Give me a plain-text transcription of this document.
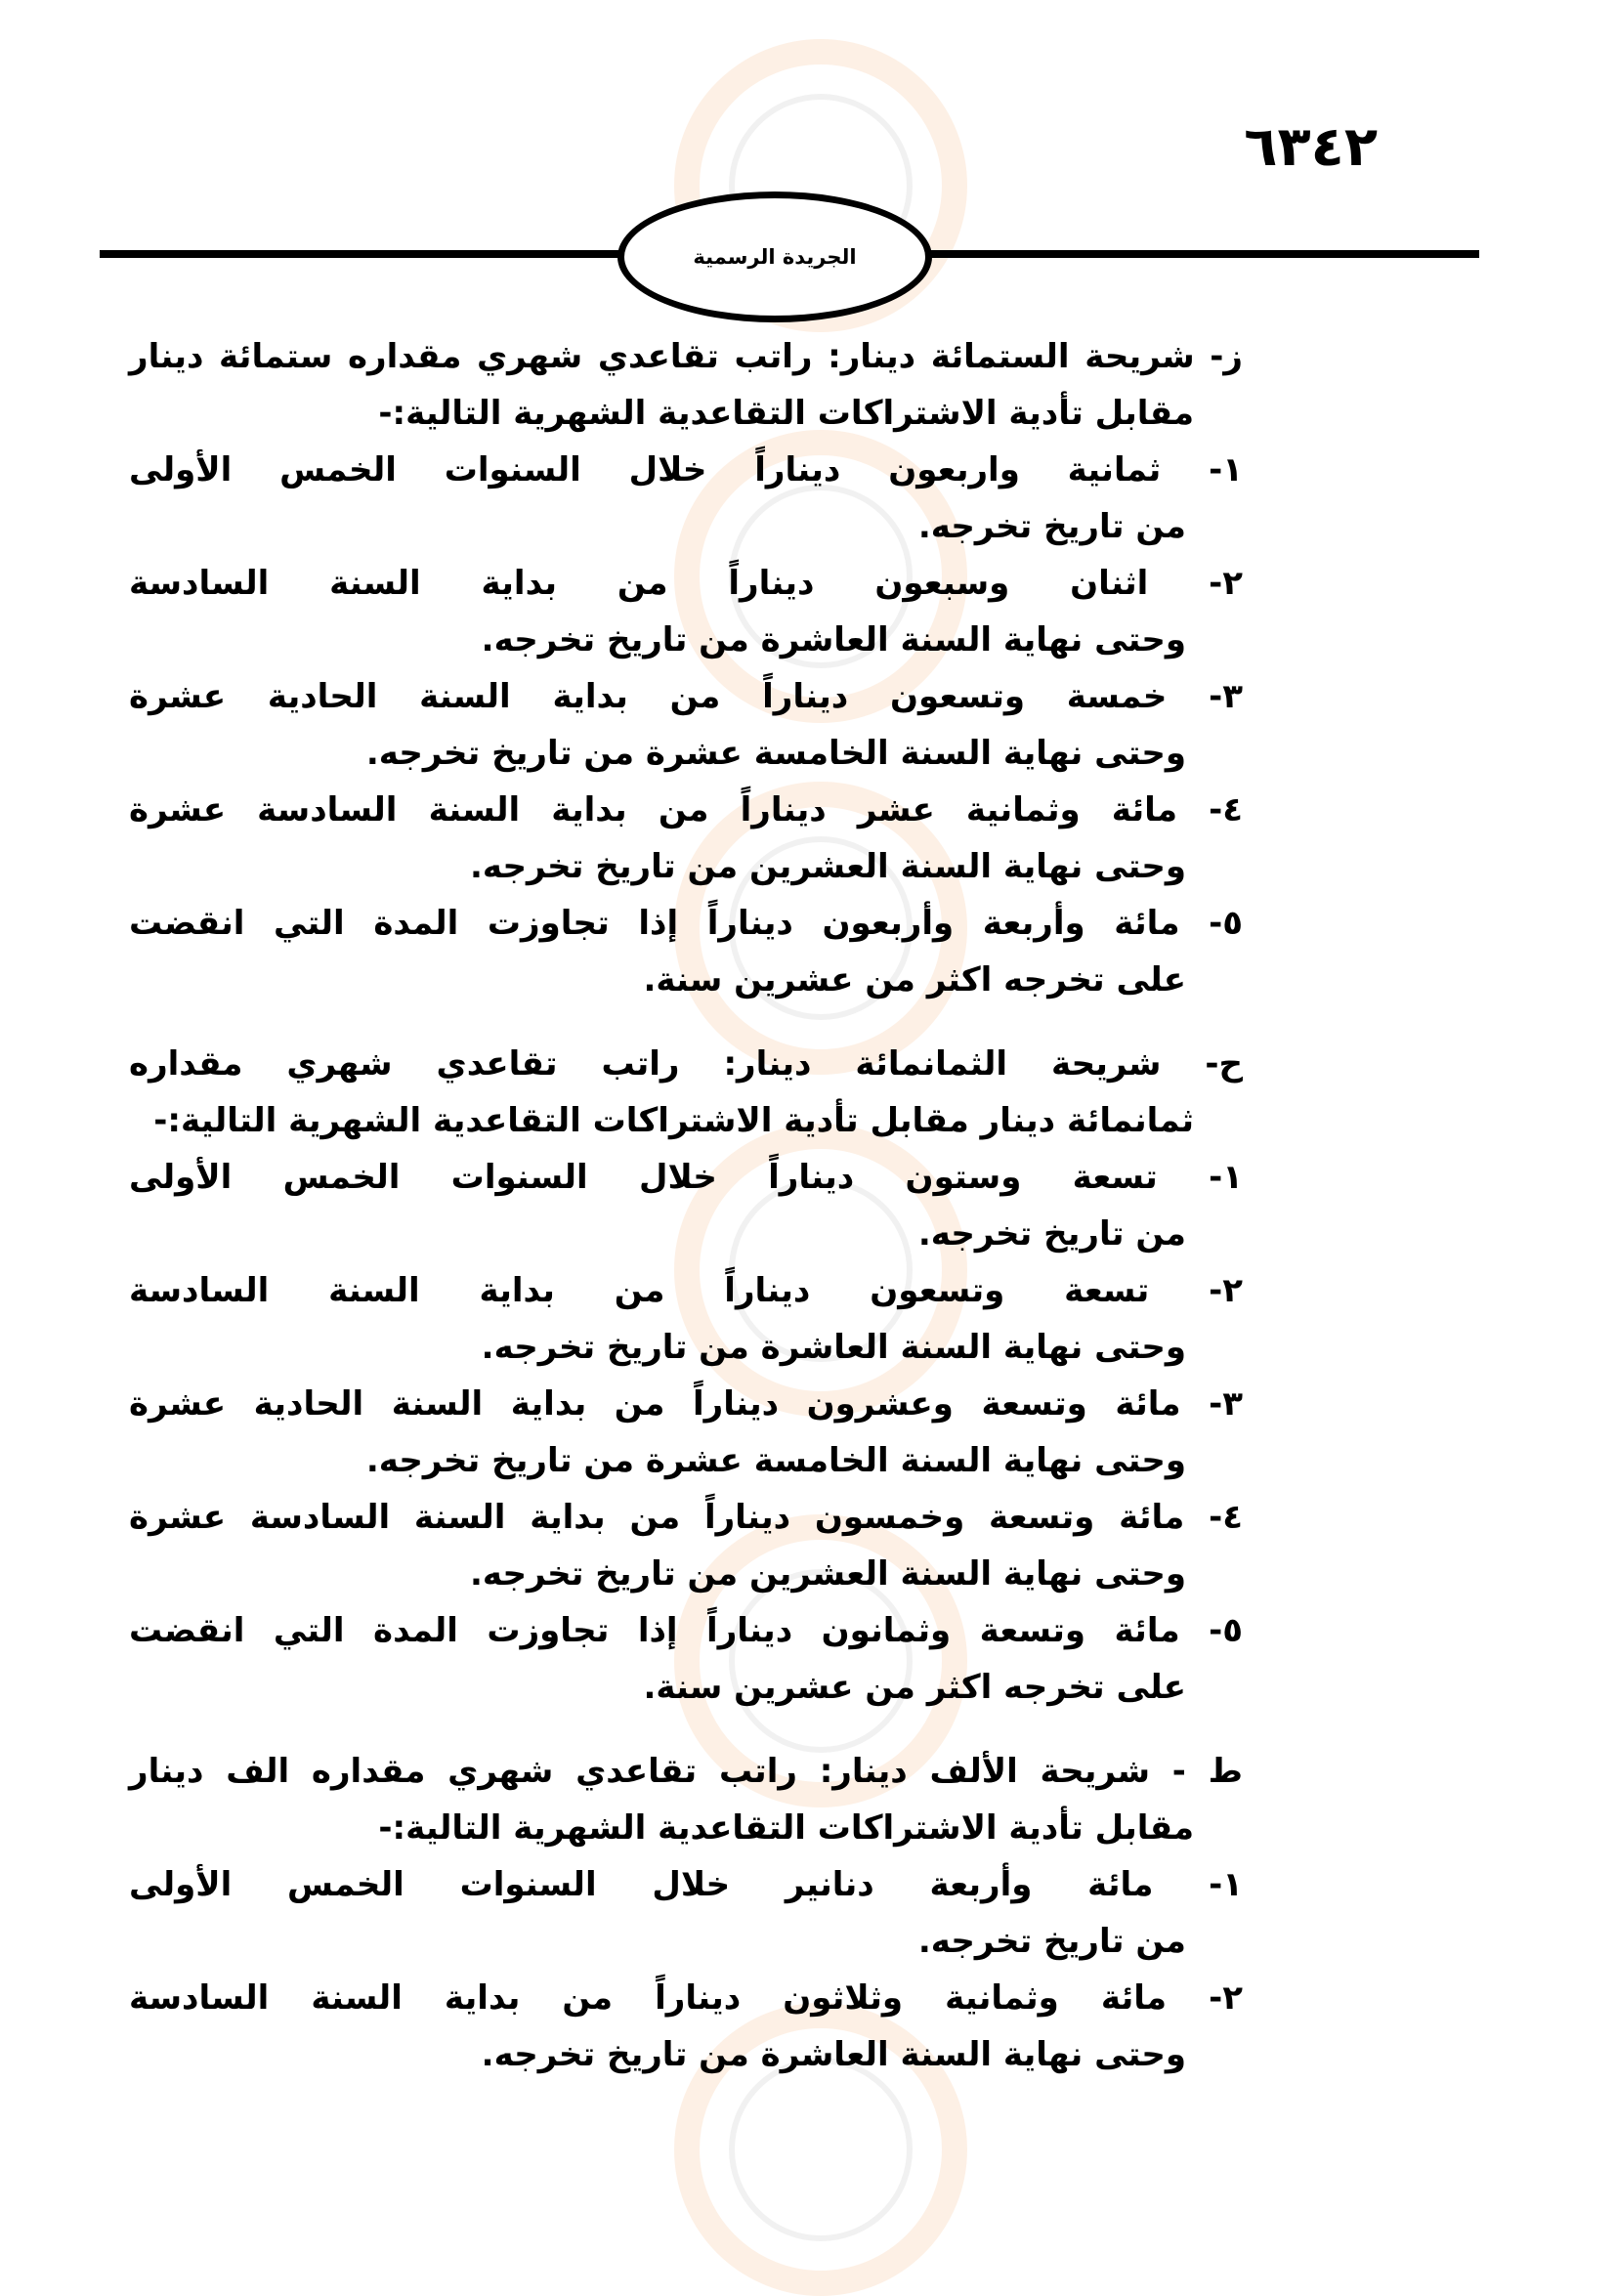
٦٣٤٢
الجريدة الرسمية
ز- شريحة الستمائة دينار: راتب تقاعدي شهري مقداره ستمائة دينار
مقابل تأدية الاشتراكات التقاعدية الشهرية التالية:-
١- ثمانية واربعون ديناراً خلال السنوات الخمس الأولى
من تاريخ تخرجه.
٢- اثنان وسبعون ديناراً من بداية السنة السادسة
وحتى نهاية السنة العاشرة من تاريخ تخرجه.
٣- خمسة وتسعون ديناراً من بداية السنة الحادية عشرة
وحتى نهاية السنة الخامسة عشرة من تاريخ تخرجه.
٤- مائة وثمانية عشر ديناراً من بداية السنة السادسة عشرة
وحتى نهاية السنة العشرين من تاريخ تخرجه.
٥- مائة وأربعة وأربعون ديناراً إذا تجاوزت المدة التي انقضت
على تخرجه اكثر من عشرين سنة.
ح- شريحة الثمانمائة دينار: راتب تقاعدي شهري مقداره
ثمانمائة دينار مقابل تأدية الاشتراكات التقاعدية الشهرية التالية:-
١- تسعة وستون ديناراً خلال السنوات الخمس الأولى
من تاريخ تخرجه.
٢- تسعة وتسعون ديناراً من بداية السنة السادسة
وحتى نهاية السنة العاشرة من تاريخ تخرجه.
٣- مائة وتسعة وعشرون ديناراً من بداية السنة الحادية عشرة
وحتى نهاية السنة الخامسة عشرة من تاريخ تخرجه.
٤- مائة وتسعة وخمسون ديناراً من بداية السنة السادسة عشرة
وحتى نهاية السنة العشرين من تاريخ تخرجه.
٥- مائة وتسعة وثمانون ديناراً إذا تجاوزت المدة التي انقضت
على تخرجه اكثر من عشرين سنة.
ط - شريحة الألف دينار: راتب تقاعدي شهري مقداره الف دينار
مقابل تأدية الاشتراكات التقاعدية الشهرية التالية:-
١- مائة وأربعة دنانير خلال السنوات الخمس الأولى
من تاريخ تخرجه.
٢- مائة وثمانية وثلاثون ديناراً من بداية السنة السادسة
وحتى نهاية السنة العاشرة من تاريخ تخرجه.
